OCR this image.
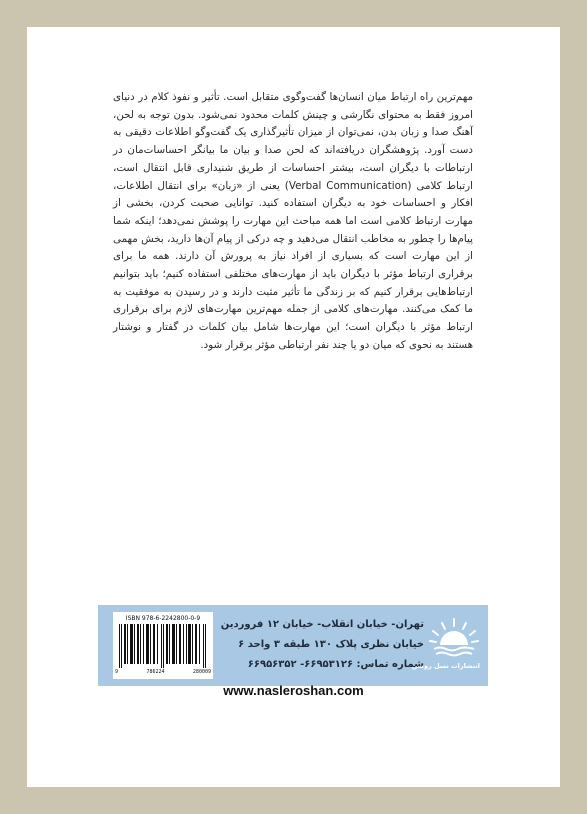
مهم‌ترین راه ارتباط میان انسان‌ها گفت‌وگوی متقابل است. تأثیر و نفوذ کلام در دنیای امروز فقط به محتوای نگارشی و چینش کلمات محدود نمی‌شود. بدون توجه به لحن، آهنگ صدا و زبان بدن، نمی‌توان از میزان تأثیرگذاری یک گفت‌وگو اطلاعات دقیقی به دست آورد. پژوهشگران دریافته‌اند که لحن صدا و بیان ما بیانگر احساسات‌مان در ارتباطات با دیگران است، بیشتر احساسات از طریق شنیداری قابل انتقال است، ارتباط کلامی (Verbal Communication) یعنی از «زبان» برای انتقال اطلاعات، افکار و احساسات خود به دیگران استفاده کنید. توانایی صحبت کردن، بخشی از مهارت ارتباط کلامی است اما همه مباحث این مهارت را پوشش نمی‌دهد؛ اینکه شما پیام‌ها را چطور به مخاطب انتقال می‌دهید و چه درکی از پیام آن‌ها دارید، بخش مهمی از این مهارت است که بسیاری از افراد نیاز به پرورش آن دارند. همه ما برای برقراری ارتباط مؤثر با دیگران باید از مهارت‌های مختلفی استفاده کنیم؛ باید بتوانیم ارتباط‌هایی برقرار کنیم که بر زندگی ما تأثیر مثبت دارند و در رسیدن به موفقیت به ما کمک می‌کنند. مهارت‌های کلامی از جمله مهم‌ترین مهارت‌های لازم برای برقراری ارتباط مؤثر با دیگران است؛ این مهارت‌ها شامل بیان کلمات در گفتار و نوشتار هستند به نحوی که میان دو یا چند نفر ارتباطی مؤثر برقرار شود.

ISBN 978-6-2242800-0-9
9	786224	280009
تهران- خیابان انقلاب- خیابان ۱۲ فروردین
خیابان نظری پلاک ۱۳۰ طبقه ۳ واحد ۶
شماره تماس: ۶۶۹۵۳۱۲۶- ۶۶۹۵۶۳۵۲
انتشارات نسل روشن
www.nasleroshan.com
